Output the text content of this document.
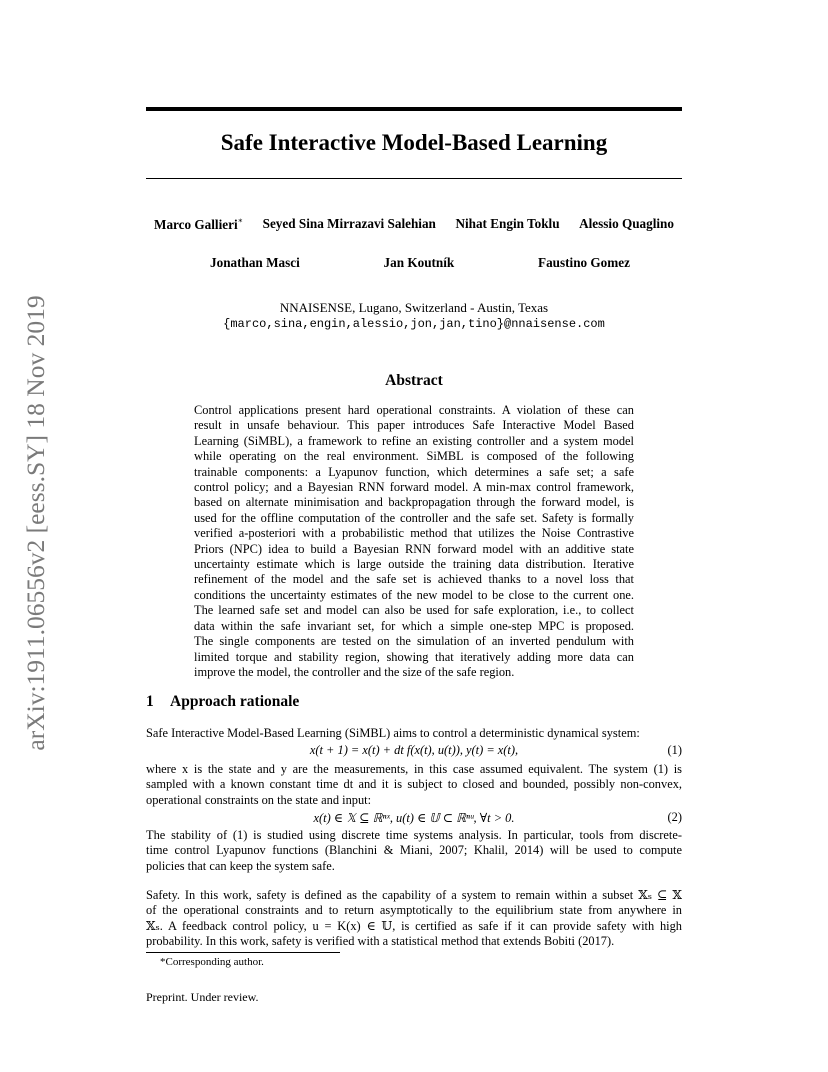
arXiv:1911.06556v2 [eess.SY] 18 Nov 2019
Safe Interactive Model-Based Learning
Marco Gallieri∗ Seyed Sina Mirrazavi Salehian Nihat Engin Toklu Alessio Quaglino
Jonathan Masci	Jan Koutník	Faustino Gomez
NNAISENSE, Lugano, Switzerland - Austin, Texas
{marco,sina,engin,alessio,jon,jan,tino}@nnaisense.com
Abstract
Control applications present hard operational constraints. A violation of these can
result in unsafe behaviour. This paper introduces Safe Interactive Model Based
Learning (SiMBL), a framework to refine an existing controller and a system model
while operating on the real environment. SiMBL is composed of the following
trainable components: a Lyapunov function, which determines a safe set; a safe
control policy; and a Bayesian RNN forward model. A min-max control framework,
based on alternate minimisation and backpropagation through the forward model, is
used for the offline computation of the controller and the safe set. Safety is formally
verified a-posteriori with a probabilistic method that utilizes the Noise Contrastive
Priors (NPC) idea to build a Bayesian RNN forward model with an additive state
uncertainty estimate which is large outside the training data distribution. Iterative
refinement of the model and the safe set is achieved thanks to a novel loss that
conditions the uncertainty estimates of the new model to be close to the current one.
The learned safe set and model can also be used for safe exploration, i.e., to collect
data within the safe invariant set, for which a simple one-step MPC is proposed.
The single components are tested on the simulation of an inverted pendulum with
limited torque and stability region, showing that iteratively adding more data can
improve the model, the controller and the size of the safe region.
1 Approach rationale
Safe Interactive Model-Based Learning (SiMBL) aims to control a deterministic dynamical system:
x(t + 1) = x(t) + dt f(x(t), u(t)), y(t) = x(t),	(1)
where x is the state and y are the measurements, in this case assumed equivalent. The system (1) is
sampled with a known constant time dt and it is subject to closed and bounded, possibly non-convex,
operational constraints on the state and input:
x(t) ∈ 𝕏 ⊆ ℝⁿˣ, u(t) ∈ 𝕌 ⊂ ℝⁿᵘ, ∀t > 0.	(2)
The stability of (1) is studied using discrete time systems analysis. In particular, tools from discrete-
time control Lyapunov functions (Blanchini & Miani, 2007; Khalil, 2014) will be used to compute
policies that can keep the system safe.
Safety. In this work, safety is defined as the capability of a system to remain within a subset 𝕏ₛ ⊆ 𝕏
of the operational constraints and to return asymptotically to the equilibrium state from anywhere in
𝕏ₛ. A feedback control policy, u = K(x) ∈ 𝕌, is certified as safe if it can provide safety with high
probability. In this work, safety is verified with a statistical method that extends Bobiti (2017).
*Corresponding author.
Preprint. Under review.
